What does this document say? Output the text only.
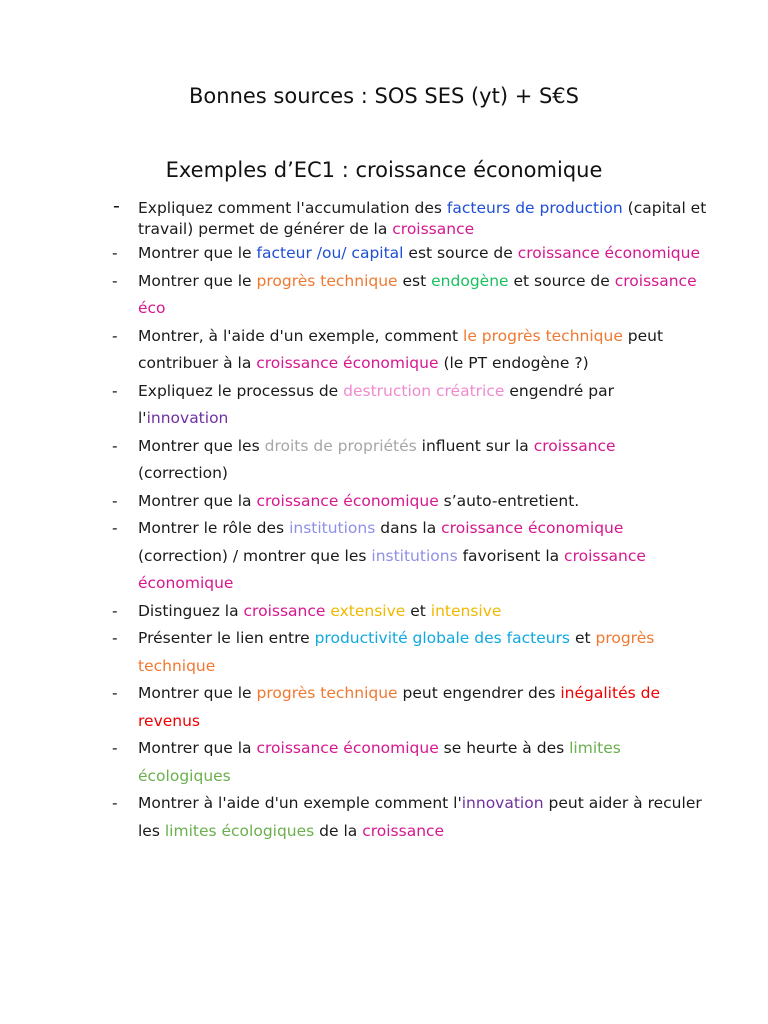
Bonnes sources : SOS SES (yt) + S€S
Exemples d’EC1 : croissance économique
- Expliquez comment l'accumulation des facteurs de production (capital et travail) permet de générer de la croissance
- Montrer que le facteur /ou/ capital est source de croissance économique
- Montrer que le progrès technique est endogène et source de croissance éco
- Montrer, à l'aide d'un exemple, comment le progrès technique peut contribuer à la croissance économique (le PT endogène ?)
- Expliquez le processus de destruction créatrice engendré par l'innovation
- Montrer que les droits de propriétés influent sur la croissance (correction)
- Montrer que la croissance économique s’auto-entretient.
- Montrer le rôle des institutions dans la croissance économique (correction) / montrer que les institutions favorisent la croissance économique
- Distinguez la croissance extensive et intensive
- Présenter le lien entre productivité globale des facteurs et progrès technique
- Montrer que le progrès technique peut engendrer des inégalités de revenus
- Montrer que la croissance économique se heurte à des limites écologiques
- Montrer à l'aide d'un exemple comment l'innovation peut aider à reculer les limites écologiques de la croissance
